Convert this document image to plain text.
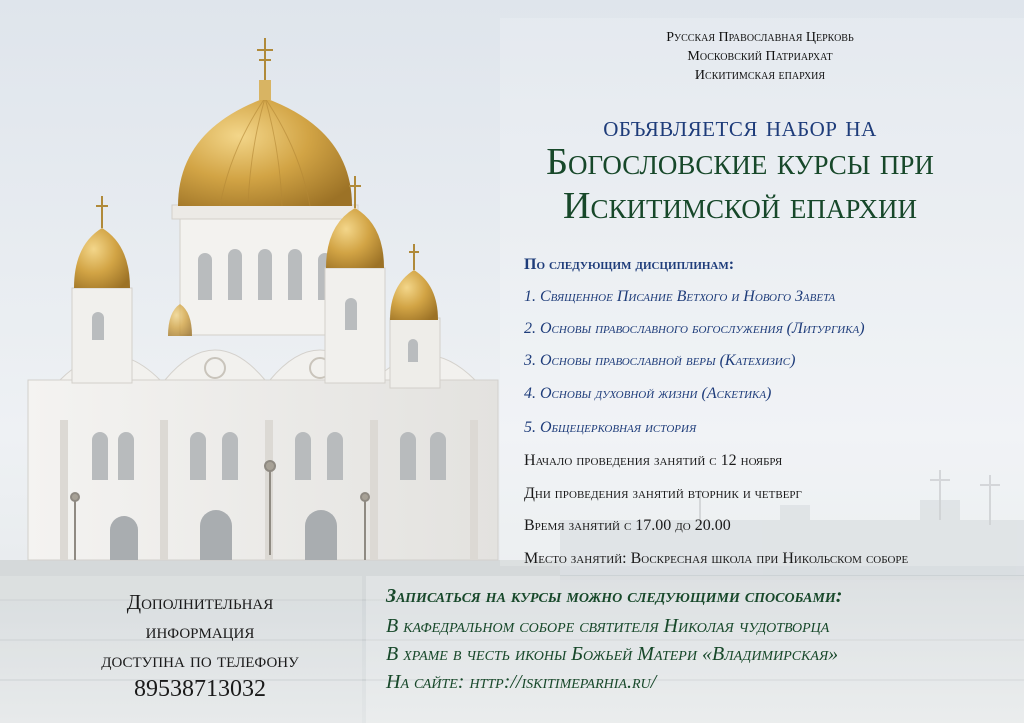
Русская Православная Церковь
Московский Патриархат
Искитимская епархия
объявляется набор на
Богословские курсы при
Искитимской епархии
По следующим дисциплинам:
1. Священное Писание Ветхого и Нового Завета
2. Основы православного богослужения (Литургика)
3. Основы православной веры (Катехизис)
4. Основы духовной жизни (Аскетика)
5. Общецерковная история
Начало проведения занятий с 12 ноября
Дни проведения занятий вторник и четверг
Время занятий с 17.00 до 20.00
Место занятий: Воскресная школа при Никольском соборе
Записаться на курсы можно следующими способами:
В кафедральном соборе святителя Николая чудотворца
В храме в честь иконы Божьей Матери «Владимирская»
На сайте: http://iskitimeparhia.ru/
Дополнительная
информация
доступна по телефону
89538713032
